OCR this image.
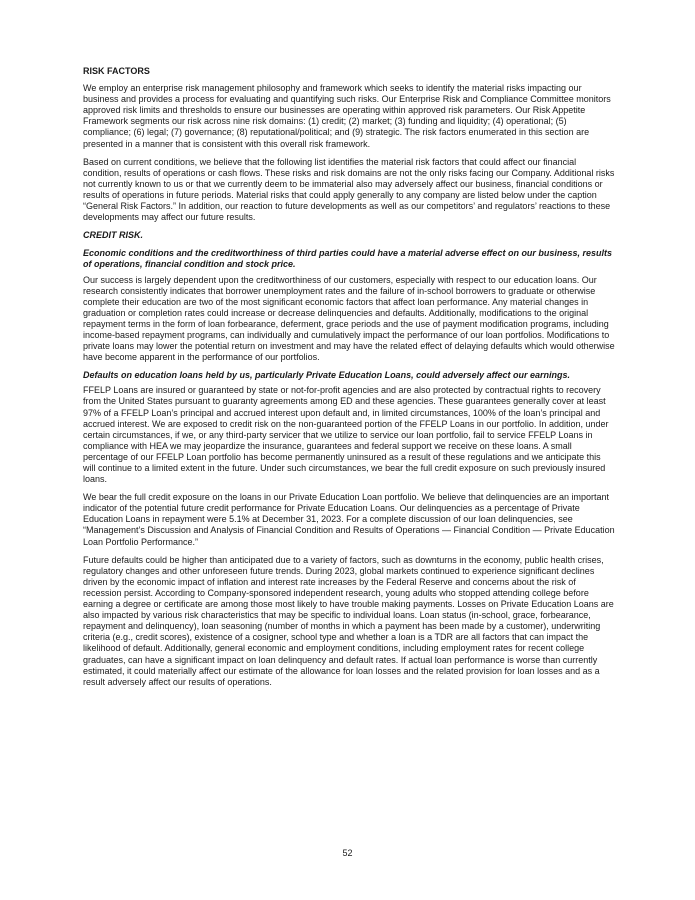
RISK FACTORS

We employ an enterprise risk management philosophy and framework which seeks to identify the material risks impacting our business and provides a process for evaluating and quantifying such risks. Our Enterprise Risk and Compliance Committee monitors approved risk limits and thresholds to ensure our businesses are operating within approved risk parameters. Our Risk Appetite Framework segments our risk across nine risk domains: (1) credit; (2) market; (3) funding and liquidity; (4) operational; (5) compliance; (6) legal; (7) governance; (8) reputational/political; and (9) strategic. The risk factors enumerated in this section are presented in a manner that is consistent with this overall risk framework.

Based on current conditions, we believe that the following list identifies the material risk factors that could affect our financial condition, results of operations or cash flows. These risks and risk domains are not the only risks facing our Company. Additional risks not currently known to us or that we currently deem to be immaterial also may adversely affect our business, financial conditions or results of operations in future periods. Material risks that could apply generally to any company are listed below under the caption “General Risk Factors.” In addition, our reaction to future developments as well as our competitors’ and regulators’ reactions to these developments may affect our future results.

CREDIT RISK.
Economic conditions and the creditworthiness of third parties could have a material adverse effect on our business, results of operations, financial condition and stock price.

Our success is largely dependent upon the creditworthiness of our customers, especially with respect to our education loans. Our research consistently indicates that borrower unemployment rates and the failure of in-school borrowers to graduate or otherwise complete their education are two of the most significant economic factors that affect loan performance. Any material changes in graduation or completion rates could increase or decrease delinquencies and defaults. Additionally, modifications to the original repayment terms in the form of loan forbearance, deferment, grace periods and the use of payment modification programs, including income-based repayment programs, can individually and cumulatively impact the performance of our loan portfolios. Modifications to private loans may lower the potential return on investment and may have the related effect of delaying defaults which would otherwise have become apparent in the performance of our portfolios.

Defaults on education loans held by us, particularly Private Education Loans, could adversely affect our earnings.

FFELP Loans are insured or guaranteed by state or not-for-profit agencies and are also protected by contractual rights to recovery from the United States pursuant to guaranty agreements among ED and these agencies. These guarantees generally cover at least 97% of a FFELP Loan’s principal and accrued interest upon default and, in limited circumstances, 100% of the loan’s principal and accrued interest. We are exposed to credit risk on the non-guaranteed portion of the FFELP Loans in our portfolio. In addition, under certain circumstances, if we, or any third-party servicer that we utilize to service our loan portfolio, fail to service FFELP Loans in compliance with HEA we may jeopardize the insurance, guarantees and federal support we receive on these loans. A small percentage of our FFELP Loan portfolio has become permanently uninsured as a result of these regulations and we anticipate this will continue to a limited extent in the future. Under such circumstances, we bear the full credit exposure on such previously insured loans.

We bear the full credit exposure on the loans in our Private Education Loan portfolio. We believe that delinquencies are an important indicator of the potential future credit performance for Private Education Loans. Our delinquencies as a percentage of Private Education Loans in repayment were 5.1% at December 31, 2023. For a complete discussion of our loan delinquencies, see “Management’s Discussion and Analysis of Financial Condition and Results of Operations — Financial Condition — Private Education Loan Portfolio Performance.”

Future defaults could be higher than anticipated due to a variety of factors, such as downturns in the economy, public health crises, regulatory changes and other unforeseen future trends. During 2023, global markets continued to experience significant declines driven by the economic impact of inflation and interest rate increases by the Federal Reserve and concerns about the risk of recession persist. According to Company-sponsored independent research, young adults who stopped attending college before earning a degree or certificate are among those most likely to have trouble making payments. Losses on Private Education Loans are also impacted by various risk characteristics that may be specific to individual loans. Loan status (in-school, grace, forbearance, repayment and delinquency), loan seasoning (number of months in which a payment has been made by a customer), underwriting criteria (e.g., credit scores), existence of a cosigner, school type and whether a loan is a TDR are all factors that can impact the likelihood of default. Additionally, general economic and employment conditions, including employment rates for recent college graduates, can have a significant impact on loan delinquency and default rates. If actual loan performance is worse than currently estimated, it could materially affect our estimate of the allowance for loan losses and the related provision for loan losses and as a result adversely affect our results of operations.

52
